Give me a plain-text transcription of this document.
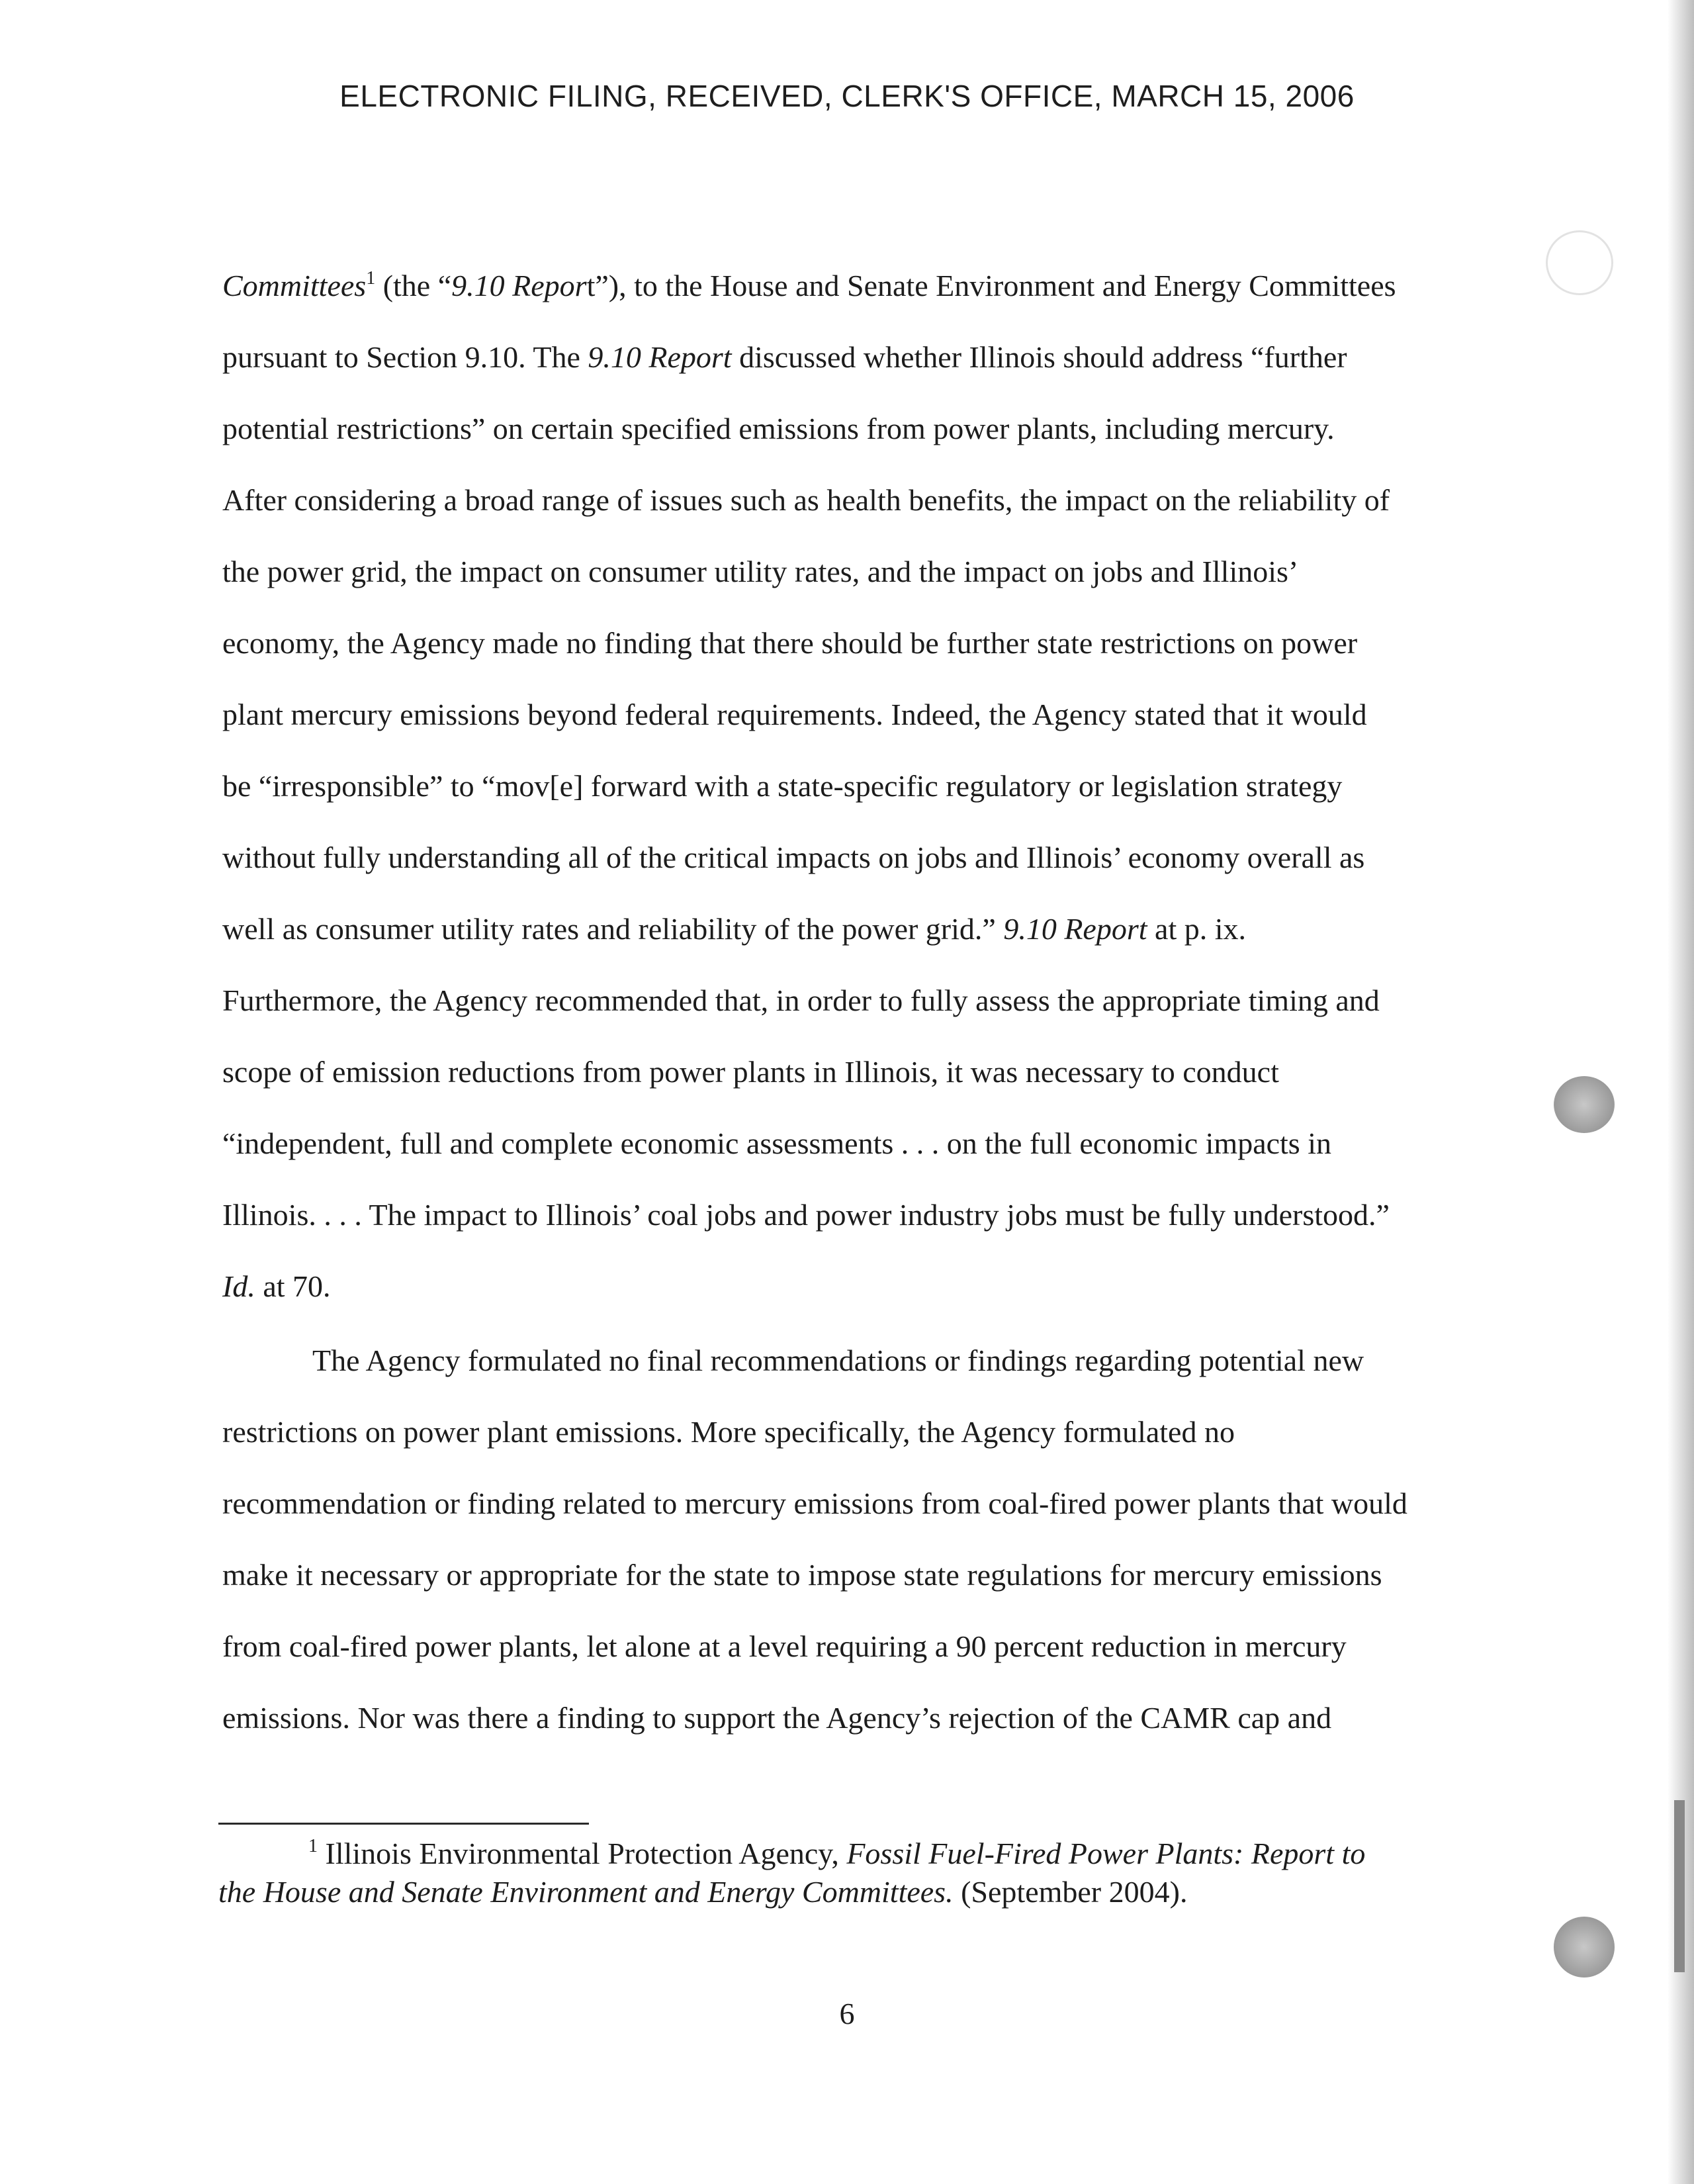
ELECTRONIC FILING, RECEIVED, CLERK'S OFFICE, MARCH 15, 2006
Committees$^1$ (the “9.10 Report”), to the House and Senate Environment and Energy Committees
pursuant to Section 9.10. The 9.10 Report discussed whether Illinois should address “further
potential restrictions” on certain specified emissions from power plants, including mercury.
After considering a broad range of issues such as health benefits, the impact on the reliability of
the power grid, the impact on consumer utility rates, and the impact on jobs and Illinois’
economy, the Agency made no finding that there should be further state restrictions on power
plant mercury emissions beyond federal requirements. Indeed, the Agency stated that it would
be “irresponsible” to “mov[e] forward with a state-specific regulatory or legislation strategy
without fully understanding all of the critical impacts on jobs and Illinois’ economy overall as
well as consumer utility rates and reliability of the power grid.” 9.10 Report at p. ix.
Furthermore, the Agency recommended that, in order to fully assess the appropriate timing and
scope of emission reductions from power plants in Illinois, it was necessary to conduct
“independent, full and complete economic assessments . . . on the full economic impacts in
Illinois. . . . The impact to Illinois’ coal jobs and power industry jobs must be fully understood.”
Id. at 70.

The Agency formulated no final recommendations or findings regarding potential new
restrictions on power plant emissions. More specifically, the Agency formulated no
recommendation or finding related to mercury emissions from coal-fired power plants that would
make it necessary or appropriate for the state to impose state regulations for mercury emissions
from coal-fired power plants, let alone at a level requiring a 90 percent reduction in mercury
emissions. Nor was there a finding to support the Agency’s rejection of the CAMR cap and

$^1$ Illinois Environmental Protection Agency, Fossil Fuel-Fired Power Plants: Report to
the House and Senate Environment and Energy Committees. (September 2004).
6
